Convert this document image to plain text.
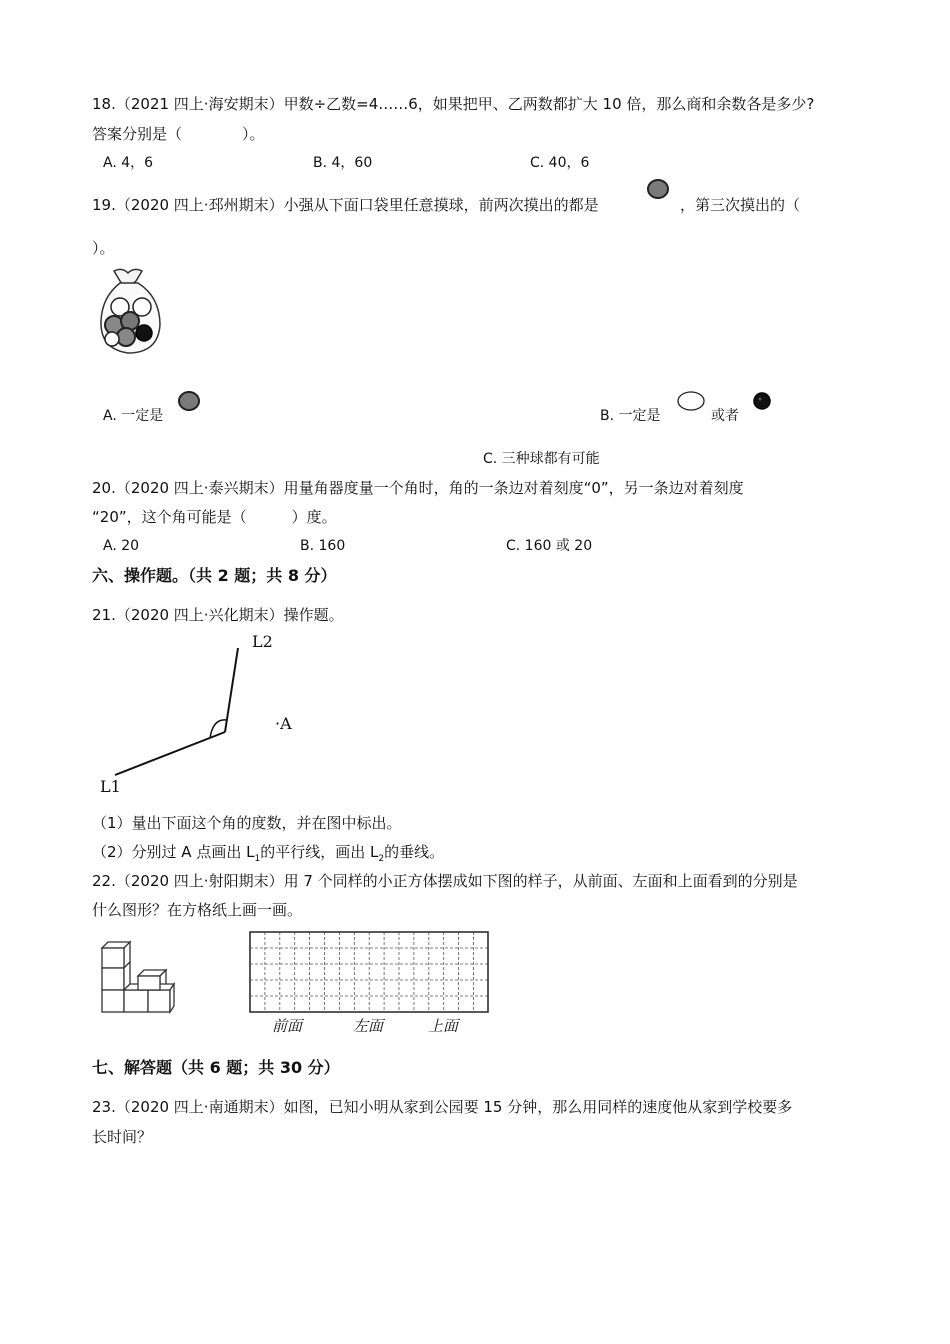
18.（2021 四上·海安期末）甲数÷乙数=4……6，如果把甲、乙两数都扩大 10 倍，那么商和余数各是多少?
答案分别是（　　　　）。
A. 4，6	B. 4，60	C. 40，6
19.（2020 四上·邳州期末）小强从下面口袋里任意摸球，前两次摸出的都是	，第三次摸出的（
）。
A. 一定是	B. 一定是	或者
C. 三种球都有可能
20.（2020 四上·泰兴期末）用量角器度量一个角时，角的一条边对着刻度“0”，另一条边对着刻度
“20”，这个角可能是（　　　）度。
A. 20	B. 160	C. 160 或 20
六、操作题。（共 2 题；共 8 分）
21.（2020 四上·兴化期末）操作题。
L2
·A
L1
（1）量出下面这个角的度数，并在图中标出。
（2）分别过 A 点画出 $L_1$的平行线，画出 $L_2$的垂线。
22.（2020 四上·射阳期末）用 7 个同样的小正方体摆成如下图的样子，从前面、左面和上面看到的分别是
什么图形？在方格纸上画一画。
前面	左面	上面
七、解答题（共 6 题；共 30 分）
23.（2020 四上·南通期末）如图，已知小明从家到公园要 15 分钟，那么用同样的速度他从家到学校要多
长时间？
